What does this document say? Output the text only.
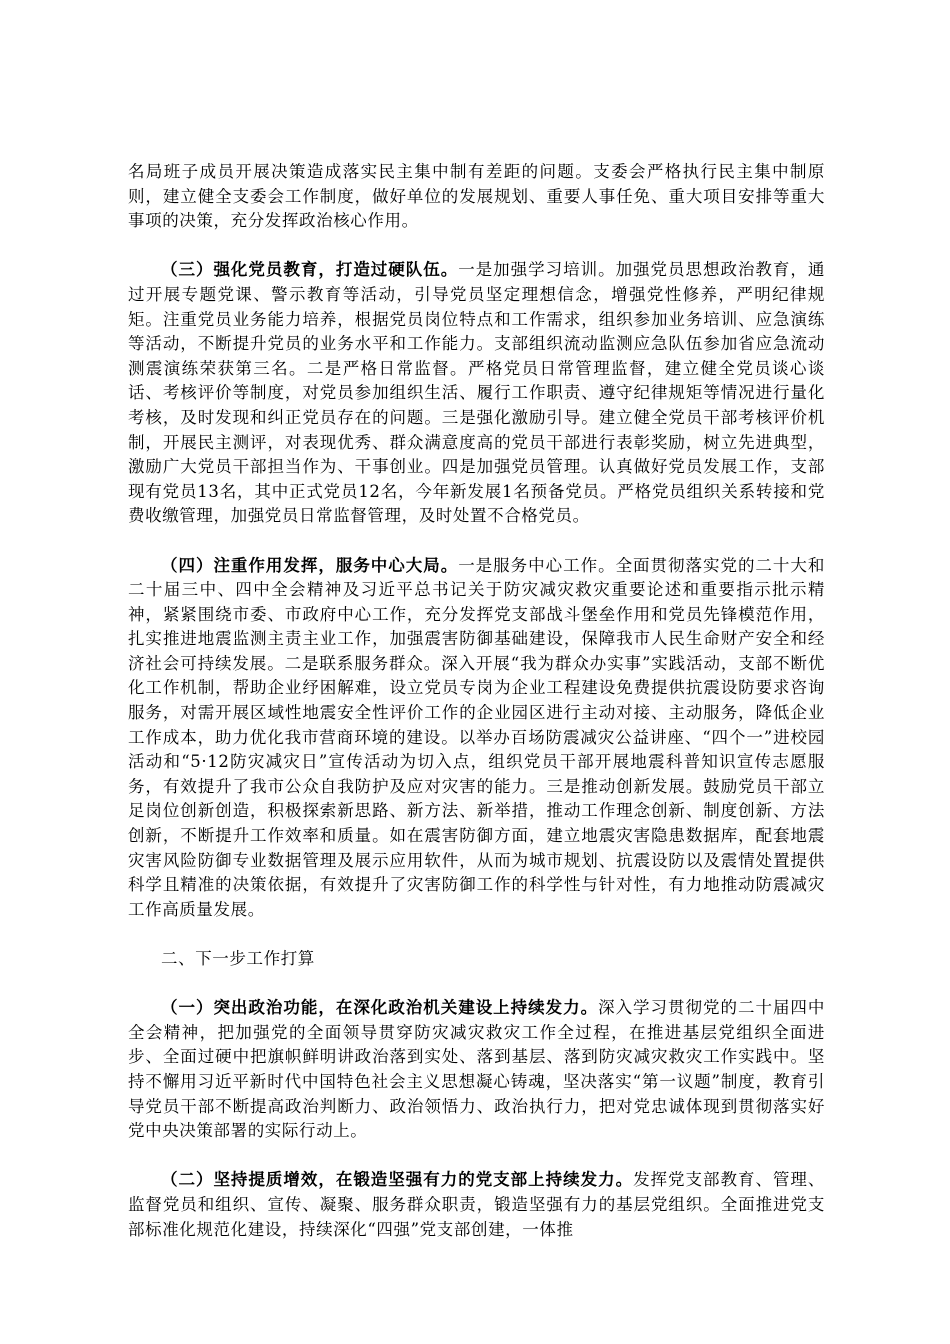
名局班子成员开展决策造成落实民主集中制有差距的问题。支委会严格执行民主集中制原则，建立健全支委会工作制度，做好单位的发展规划、重要人事任免、重大项目安排等重大事项的决策，充分发挥政治核心作用。

（三）强化党员教育，打造过硬队伍。一是加强学习培训。加强党员思想政治教育，通过开展专题党课、警示教育等活动，引导党员坚定理想信念，增强党性修养，严明纪律规矩。注重党员业务能力培养，根据党员岗位特点和工作需求，组织参加业务培训、应急演练等活动，不断提升党员的业务水平和工作能力。支部组织流动监测应急队伍参加省应急流动测震演练荣获第三名。二是严格日常监督。严格党员日常管理监督，建立健全党员谈心谈话、考核评价等制度，对党员参加组织生活、履行工作职责、遵守纪律规矩等情况进行量化考核，及时发现和纠正党员存在的问题。三是强化激励引导。建立健全党员干部考核评价机制，开展民主测评，对表现优秀、群众满意度高的党员干部进行表彰奖励，树立先进典型，激励广大党员干部担当作为、干事创业。四是加强党员管理。认真做好党员发展工作，支部现有党员13名，其中正式党员12名，今年新发展1名预备党员。严格党员组织关系转接和党费收缴管理，加强党员日常监督管理，及时处置不合格党员。

（四）注重作用发挥，服务中心大局。一是服务中心工作。全面贯彻落实党的二十大和二十届三中、四中全会精神及习近平总书记关于防灾减灾救灾重要论述和重要指示批示精神，紧紧围绕市委、市政府中心工作，充分发挥党支部战斗堡垒作用和党员先锋模范作用，扎实推进地震监测主责主业工作，加强震害防御基础建设，保障我市人民生命财产安全和经济社会可持续发展。二是联系服务群众。深入开展“我为群众办实事”实践活动，支部不断优化工作机制，帮助企业纾困解难，设立党员专岗为企业工程建设免费提供抗震设防要求咨询服务，对需开展区域性地震安全性评价工作的企业园区进行主动对接、主动服务，降低企业工作成本，助力优化我市营商环境的建设。以举办百场防震减灾公益讲座、“四个一”进校园活动和“5·12防灾减灾日”宣传活动为切入点，组织党员干部开展地震科普知识宣传志愿服务，有效提升了我市公众自我防护及应对灾害的能力。三是推动创新发展。鼓励党员干部立足岗位创新创造，积极探索新思路、新方法、新举措，推动工作理念创新、制度创新、方法创新，不断提升工作效率和质量。如在震害防御方面，建立地震灾害隐患数据库，配套地震灾害风险防御专业数据管理及展示应用软件，从而为城市规划、抗震设防以及震情处置提供科学且精准的决策依据，有效提升了灾害防御工作的科学性与针对性，有力地推动防震减灾工作高质量发展。

二、下一步工作打算

（一）突出政治功能，在深化政治机关建设上持续发力。深入学习贯彻党的二十届四中全会精神，把加强党的全面领导贯穿防灾减灾救灾工作全过程，在推进基层党组织全面进步、全面过硬中把旗帜鲜明讲政治落到实处、落到基层、落到防灾减灾救灾工作实践中。坚持不懈用习近平新时代中国特色社会主义思想凝心铸魂，坚决落实“第一议题”制度，教育引导党员干部不断提高政治判断力、政治领悟力、政治执行力，把对党忠诚体现到贯彻落实好党中央决策部署的实际行动上。

（二）坚持提质增效，在锻造坚强有力的党支部上持续发力。发挥党支部教育、管理、监督党员和组织、宣传、凝聚、服务群众职责，锻造坚强有力的基层党组织。全面推进党支部标准化规范化建设，持续深化“四强”党支部创建，一体推
